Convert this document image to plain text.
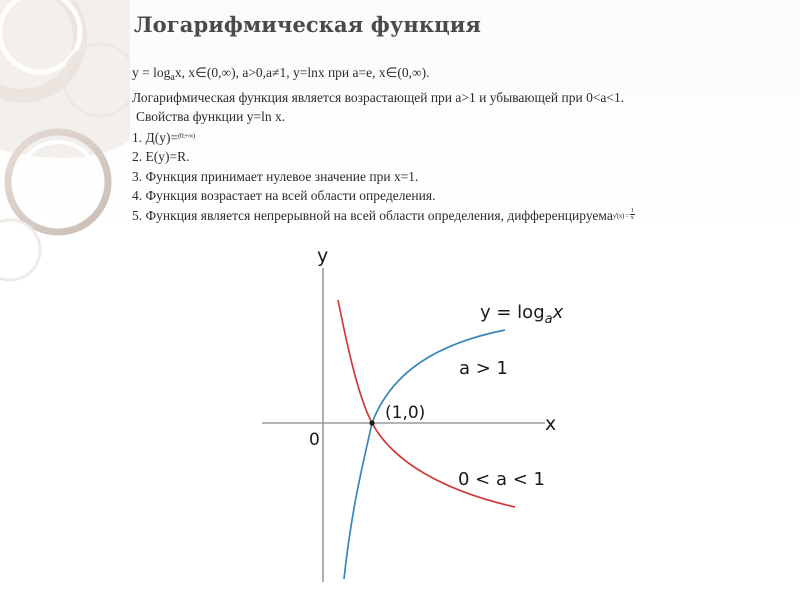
Логарифмическая функция
$y = \log_ax$, x∈(0,∞), a>0,a≠1, y=lnx при a=e, x∈(0,∞).
Логарифмическая функция является возрастающей при a>1 и убывающей при 0<a<1.
Свойства функции y=ln x.
1. Д(y)=$^{(0;+\infty)}$
2. E(y)=R.
3. Функция принимает нулевое значение при x=1.
4. Функция возрастает на всей области определения.
5. Функция является непрерывной на всей области определения, дифференцируемаy'(x) = $\frac{1}{x}$
y
x
0
(1,0)
$y = \log_ax$
a > 1
0 < a < 1
